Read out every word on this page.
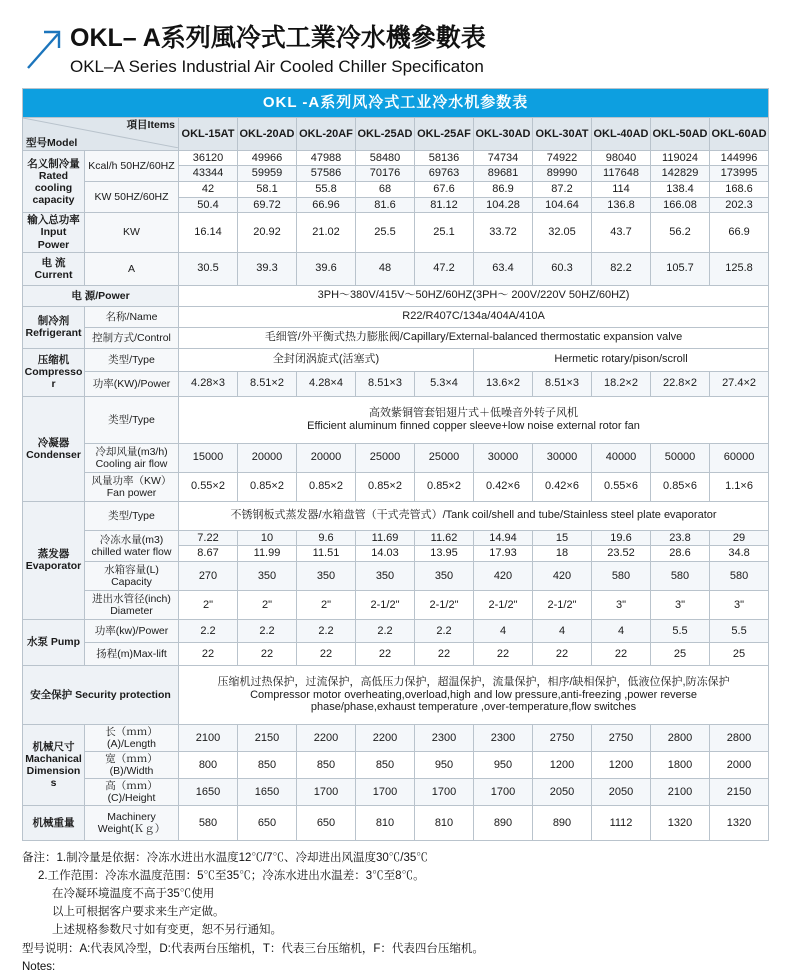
OKL– A系列風冷式工業冷水機參數表
OKL–A Series Industrial Air Cooled Chiller Specificaton
OKL -A系列风冷式工业冷水机参数表											

型号Model
項目Items		OKL-15AT	OKL-20AD	OKL-20AF	OKL-25AD	OKL-25AF	OKL-30AD	OKL-30AT	OKL-40AD	OKL-50AD	OKL-60AD

名义制冷量 Rated cooling capacity	Kcal/h 50HZ/60HZ	36120	49966	47988	58480	58136	74734	74922	98040	119024	144996
		43344	59959	57586	70176	69763	89681	89990	117648	142829	173995
	KW 50HZ/60HZ	42	58.1	55.8	68	67.6	86.9	87.2	114	138.4	168.6
		50.4	69.72	66.96	81.6	81.12	104.28	104.64	136.8	166.08	202.3
输入总功率 Input Power	KW	16.14	20.92	21.02	25.5	25.1	33.72	32.05	43.7	56.2	66.9
电 流 Current	A	30.5	39.3	39.6	48	47.2	63.4	60.3	82.2	105.7	125.8
电 源/Power		3PH～380V/415V～50HZ/60HZ(3PH～ 200V/220V 50HZ/60HZ)									
制冷剂 Refrigerant	名称/Name	R22/R407C/134a/404A/410A									
	控制方式/Control	毛细管/外平衡式热力膨胀阀/Capillary/External-balanced thermostatic expansion valve									
压缩机 Compressor	类型/Type	全封闭涡旋式(活塞式)					Hermetic rotary/pison/scroll				
	功率(KW)/Power	4.28×3	8.51×2	4.28×4	8.51×3	5.3×4	13.6×2	8.51×3	18.2×2	22.8×2	27.4×2
冷凝器 Condenser	类型/Type	高效紫铜管套铝翅片式＋低噪音外转子风机
Efficient aluminum finned copper sleeve+low noise external rotor fan									

	冷却风量(m3/h) Cooling air flow	15000	20000	20000	25000	25000	30000	30000	40000	50000	60000
	风量功率（KW） Fan power	0.55×2	0.85×2	0.85×2	0.85×2	0.85×2	0.42×6	0.42×6	0.55×6	0.85×6	1.1×6
蒸发器 Evaporator	类型/Type	不锈钢板式蒸发器/水箱盘管（干式壳管式）/Tank coil/shell and tube/Stainless steel plate evaporator									
	冷冻水量(m3) chilled water flow	7.22	10	9.6	11.69	11.62	14.94	15	19.6	23.8	29
		8.67	11.99	11.51	14.03	13.95	17.93	18	23.52	28.6	34.8
	水箱容量(L) Capacity	270	350	350	350	350	420	420	580	580	580
	进出水管径(inch) Diameter	2"	2"	2"	2-1/2"	2-1/2"	2-1/2"	2-1/2"	3"	3"	3"
水泵 Pump	功率(kw)/Power	2.2	2.2	2.2	2.2	2.2	4	4	4	5.5	5.5
	扬程(m)Max-lift	22	22	22	22	22	22	22	22	25	25
安全保护 Security protection		压缩机过热保护，过流保护，高低压力保护，超温保护，流量保护，相序/缺相保护，低液位保护,防冻保护
Compressor motor overheating,overload,high and low pressure,anti-freezing ,power reverse
phase/phase,exhaust temperature ,over-temperature,flow switches									

机械尺寸 Machanical Dimensions	长（ｍｍ）(A)/Length	2100	2150	2200	2200	2300	2300	2750	2750	2800	2800
	宽（ｍｍ）(B)/Width	800	850	850	850	950	950	1200	1200	1800	2000
	高（ｍｍ）(C)/Height	1650	1650	1700	1700	1700	1700	2050	2050	2100	2150
机械重量	Machinery Weight(Ｋｇ）	580	650	650	810	810	890	890	1112	1320	1320
备注：1.制冷量是依据：冷冻水进出水温度12℃/7℃、冷却进出风温度30℃/35℃
2.工作范围：冷冻水温度范围：5℃至35℃；冷冻水进出水温差：3℃至8℃。
在冷凝环境温度不高于35℃使用
以上可根据客户要求来生产定做。
上述规格参数尺寸如有变更，恕不另行通知。
型号说明：A:代表风冷型，D:代表两台压缩机，T：代表三台压缩机，F：代表四台压缩机。
Notes:
